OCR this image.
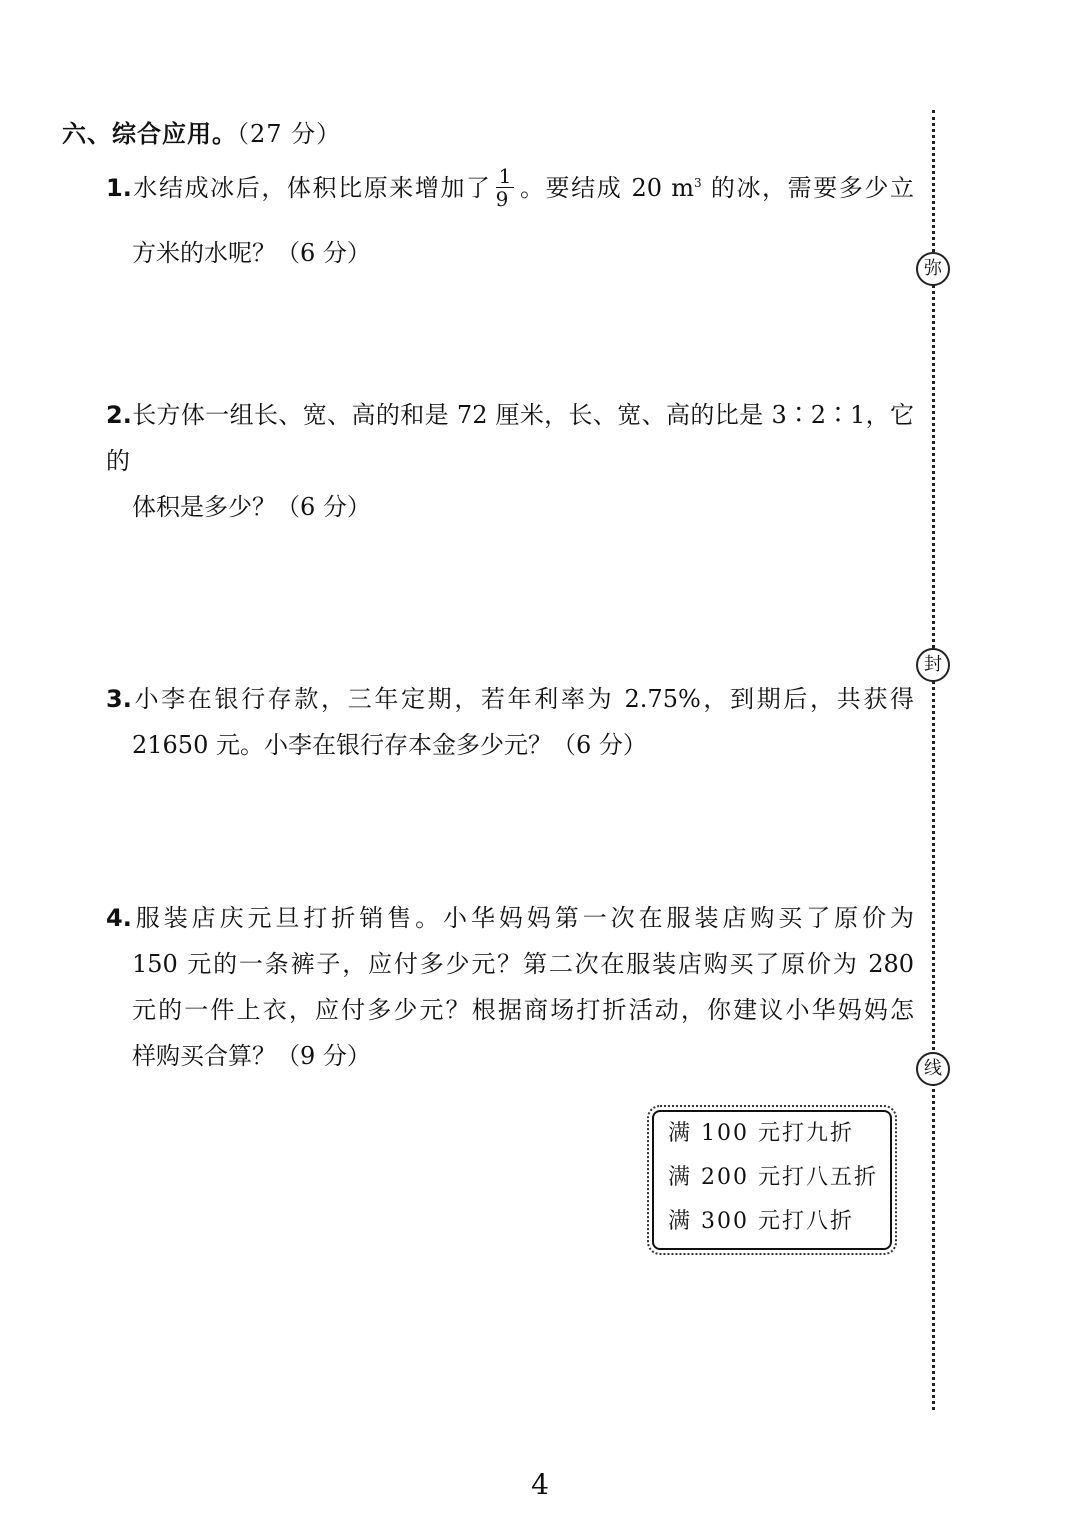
六、综合应用。（27 分）

1.水结成冰后，体积比原来增加了 $\frac{1}{9}$ 。要结成 20 $m^3$ 的冰，需要多少立

方米的水呢？（6 分）

2.长方体一组长、宽、高的和是 72 厘米，长、宽、高的比是 3∶2∶1，它的

体积是多少？（6 分）

3.小李在银行存款，三年定期，若年利率为 2.75%，到期后，共获得

21650 元。小李在银行存本金多少元？（6 分）

4.服装店庆元旦打折销售。小华妈妈第一次在服装店购买了原价为

150 元的一条裤子，应付多少元？第二次在服装店购买了原价为 280

元的一件上衣，应付多少元？根据商场打折活动，你建议小华妈妈怎

样购买合算？（9 分）

满 100 元打九折
满 200 元打八五折
满 300 元打八折
弥
封
线
4
